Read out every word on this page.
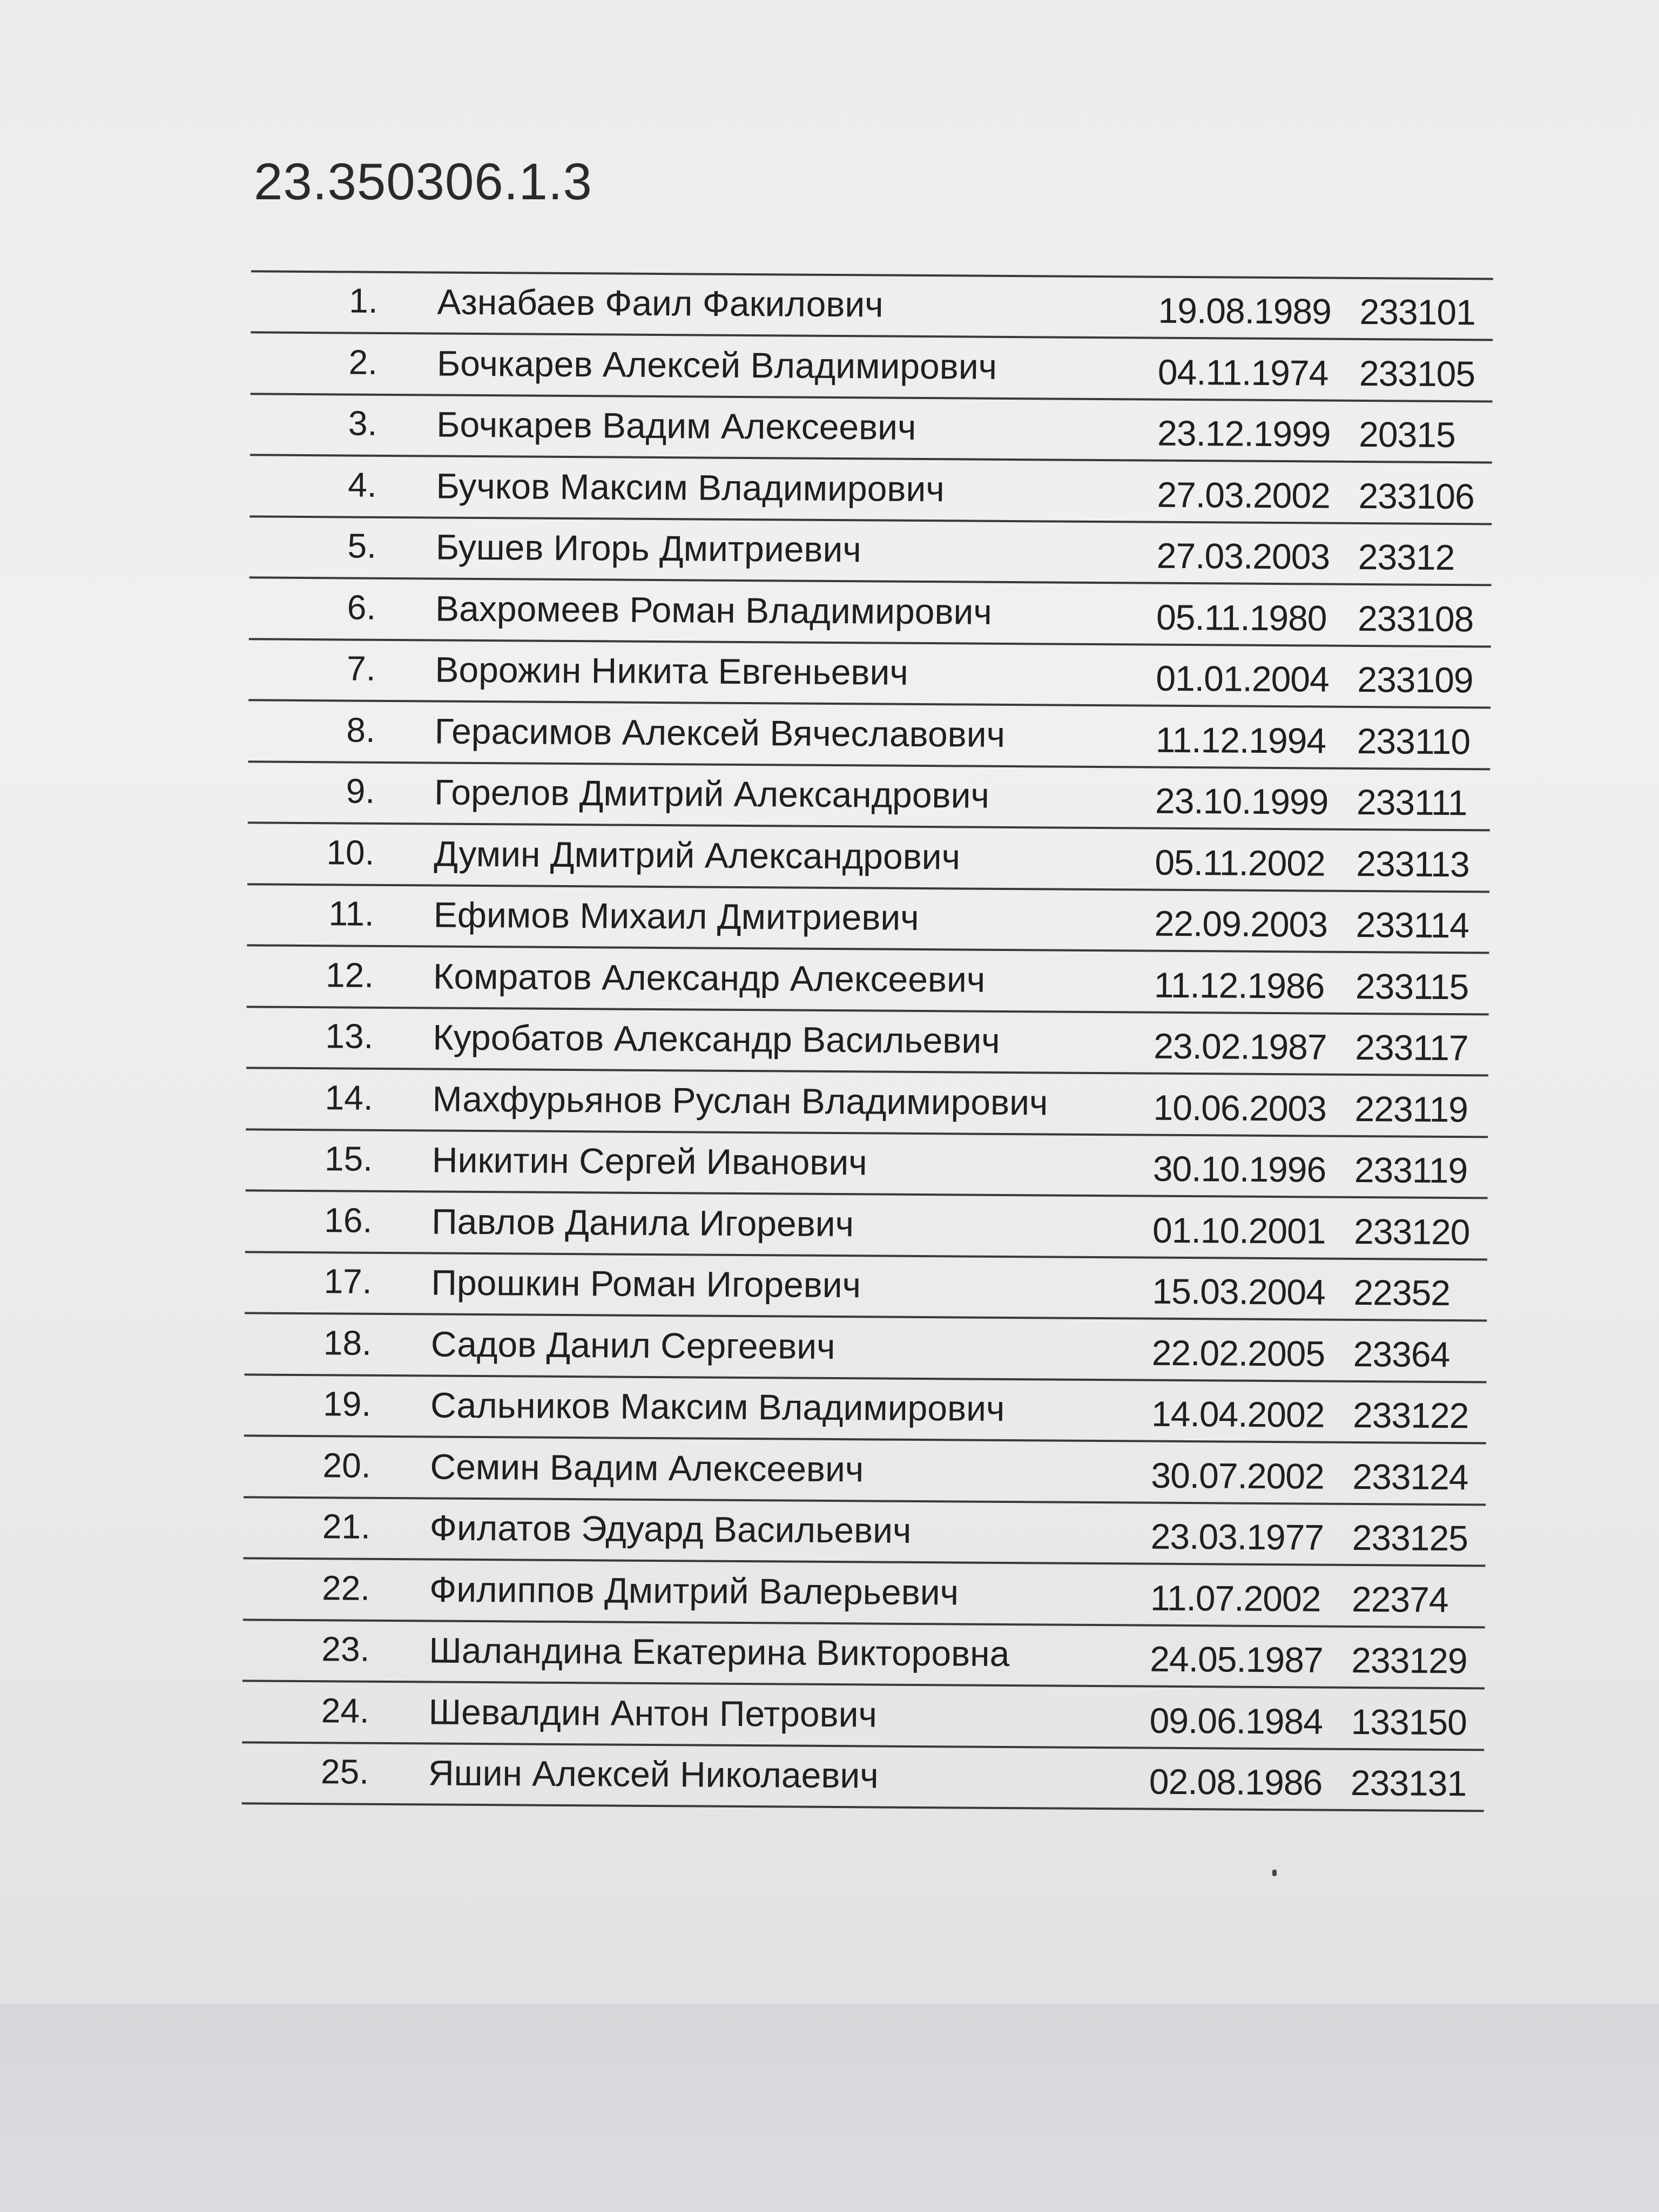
23.350306.1.3
1. Азнабаев Фаил Факилович	19.08.1989 233101
2. Бочкарев Алексей Владимирович	04.11.1974 233105
3. Бочкарев Вадим Алексеевич	23.12.1999 20315
4. Бучков Максим Владимирович	27.03.2002 233106
5. Бушев Игорь Дмитриевич	27.03.2003 23312
6. Вахромеев Роман Владимирович	05.11.1980 233108
7. Ворожин Никита Евгеньевич	01.01.2004 233109
8. Герасимов Алексей Вячеславович	11.12.1994 233110
9. Горелов Дмитрий Александрович	23.10.1999 233111
10. Думин Дмитрий Александрович	05.11.2002 233113
11. Ефимов Михаил Дмитриевич	22.09.2003 233114
12. Комратов Александр Алексеевич	11.12.1986 233115
13. Куробатов Александр Васильевич	23.02.1987 233117
14. Махфурьянов Руслан Владимирович	10.06.2003 223119
15. Никитин Сергей Иванович	30.10.1996 233119
16. Павлов Данила Игоревич	01.10.2001 233120
17. Прошкин Роман Игоревич	15.03.2004 22352
18. Садов Данил Сергеевич	22.02.2005 23364
19. Сальников Максим Владимирович	14.04.2002 233122
20. Семин Вадим Алексеевич	30.07.2002 233124
21. Филатов Эдуард Васильевич	23.03.1977 233125
22. Филиппов Дмитрий Валерьевич	11.07.2002 22374
23. Шаландина Екатерина Викторовна	24.05.1987 233129
24. Шевалдин Антон Петрович	09.06.1984 133150
25. Яшин Алексей Николаевич	02.08.1986 233131
